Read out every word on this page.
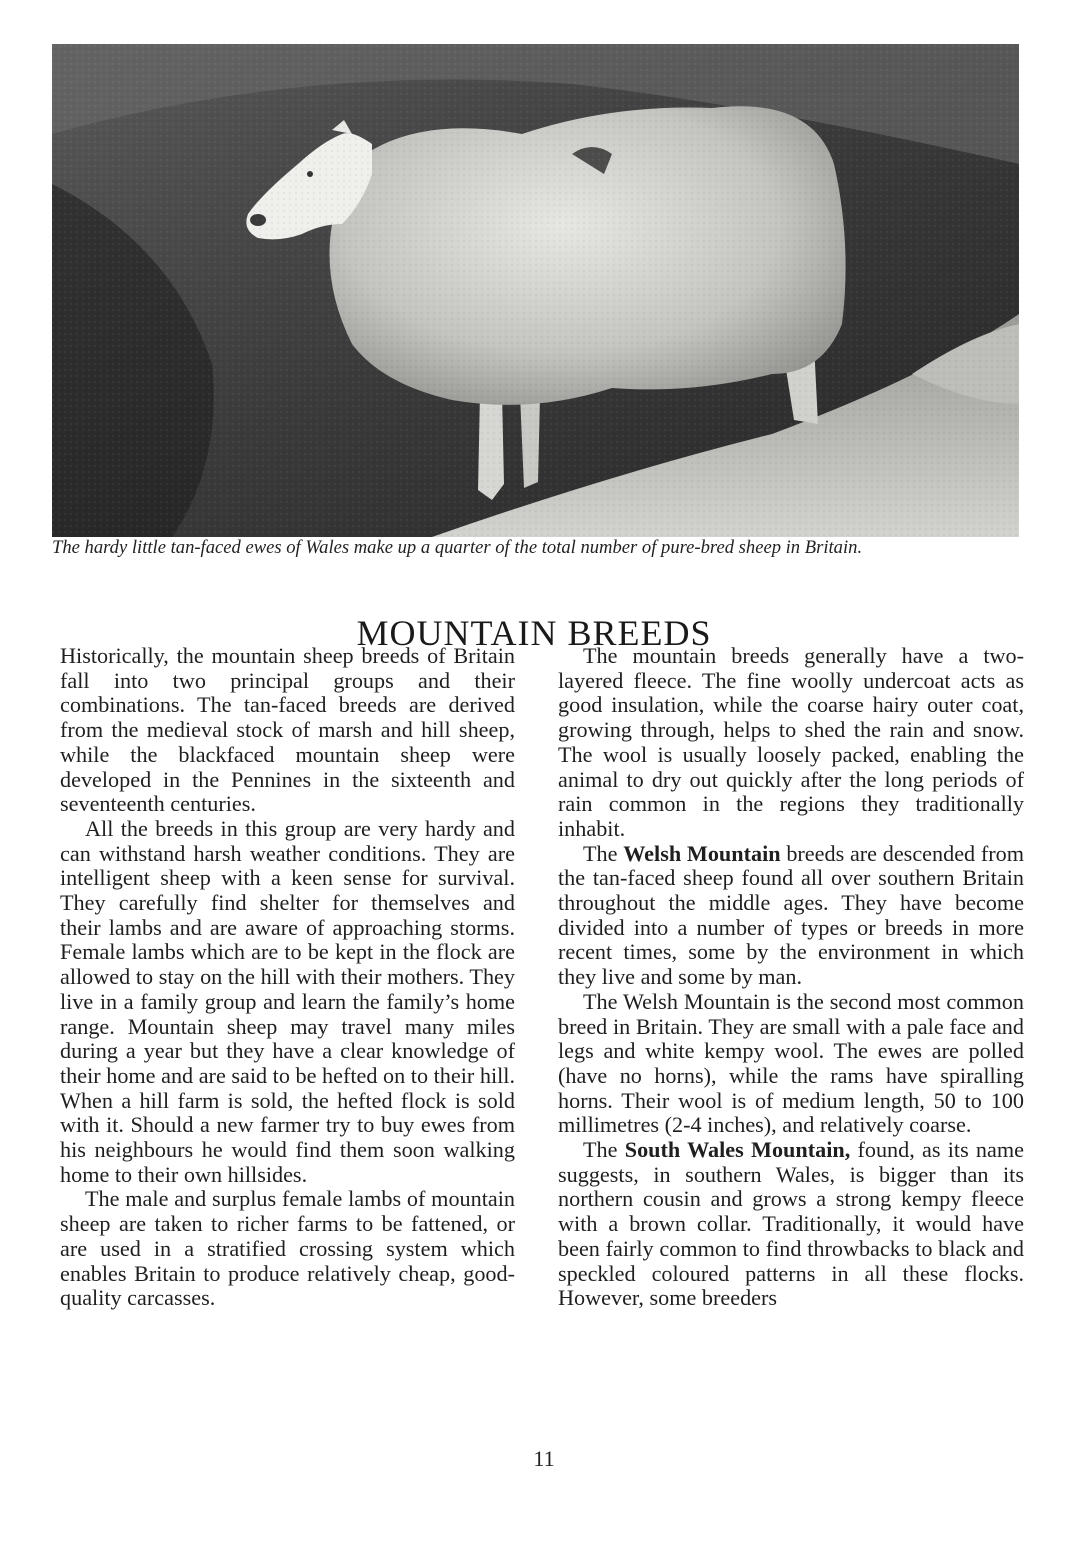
The hardy little tan-faced ewes of Wales make up a quarter of the total number of pure-bred sheep in Britain.
MOUNTAIN BREEDS

Historically, the mountain sheep breeds of Britain fall into two principal groups and their combinations. The tan-faced breeds are derived from the medieval stock of marsh and hill sheep, while the blackfaced mountain sheep were developed in the Pennines in the sixteenth and seventeenth centuries.

All the breeds in this group are very hardy and can withstand harsh weather conditions. They are intelligent sheep with a keen sense for survival. They carefully find shelter for themselves and their lambs and are aware of approaching storms. Female lambs which are to be kept in the flock are allowed to stay on the hill with their mothers. They live in a family group and learn the family’s home range. Mountain sheep may travel many miles during a year but they have a clear knowledge of their home and are said to be hefted on to their hill. When a hill farm is sold, the hefted flock is sold with it. Should a new farmer try to buy ewes from his neighbours he would find them soon walking home to their own hillsides.

The male and surplus female lambs of mountain sheep are taken to richer farms to be fattened, or are used in a stratified crossing system which enables Britain to produce relatively cheap, good-quality carcasses.

The mountain breeds generally have a two-layered fleece. The fine woolly undercoat acts as good insulation, while the coarse hairy outer coat, growing through, helps to shed the rain and snow. The wool is usually loosely packed, enabling the animal to dry out quickly after the long periods of rain common in the regions they traditionally inhabit.

The Welsh Mountain breeds are descended from the tan-faced sheep found all over southern Britain throughout the middle ages. They have become divided into a number of types or breeds in more recent times, some by the environment in which they live and some by man.

The Welsh Mountain is the second most common breed in Britain. They are small with a pale face and legs and white kempy wool. The ewes are polled (have no horns), while the rams have spiralling horns. Their wool is of medium length, 50 to 100 millimetres (2-4 inches), and relatively coarse.

The South Wales Mountain, found, as its name suggests, in southern Wales, is bigger than its northern cousin and grows a strong kempy fleece with a brown collar. Traditionally, it would have been fairly common to find throwbacks to black and speckled coloured patterns in all these flocks. However, some breeders

11
